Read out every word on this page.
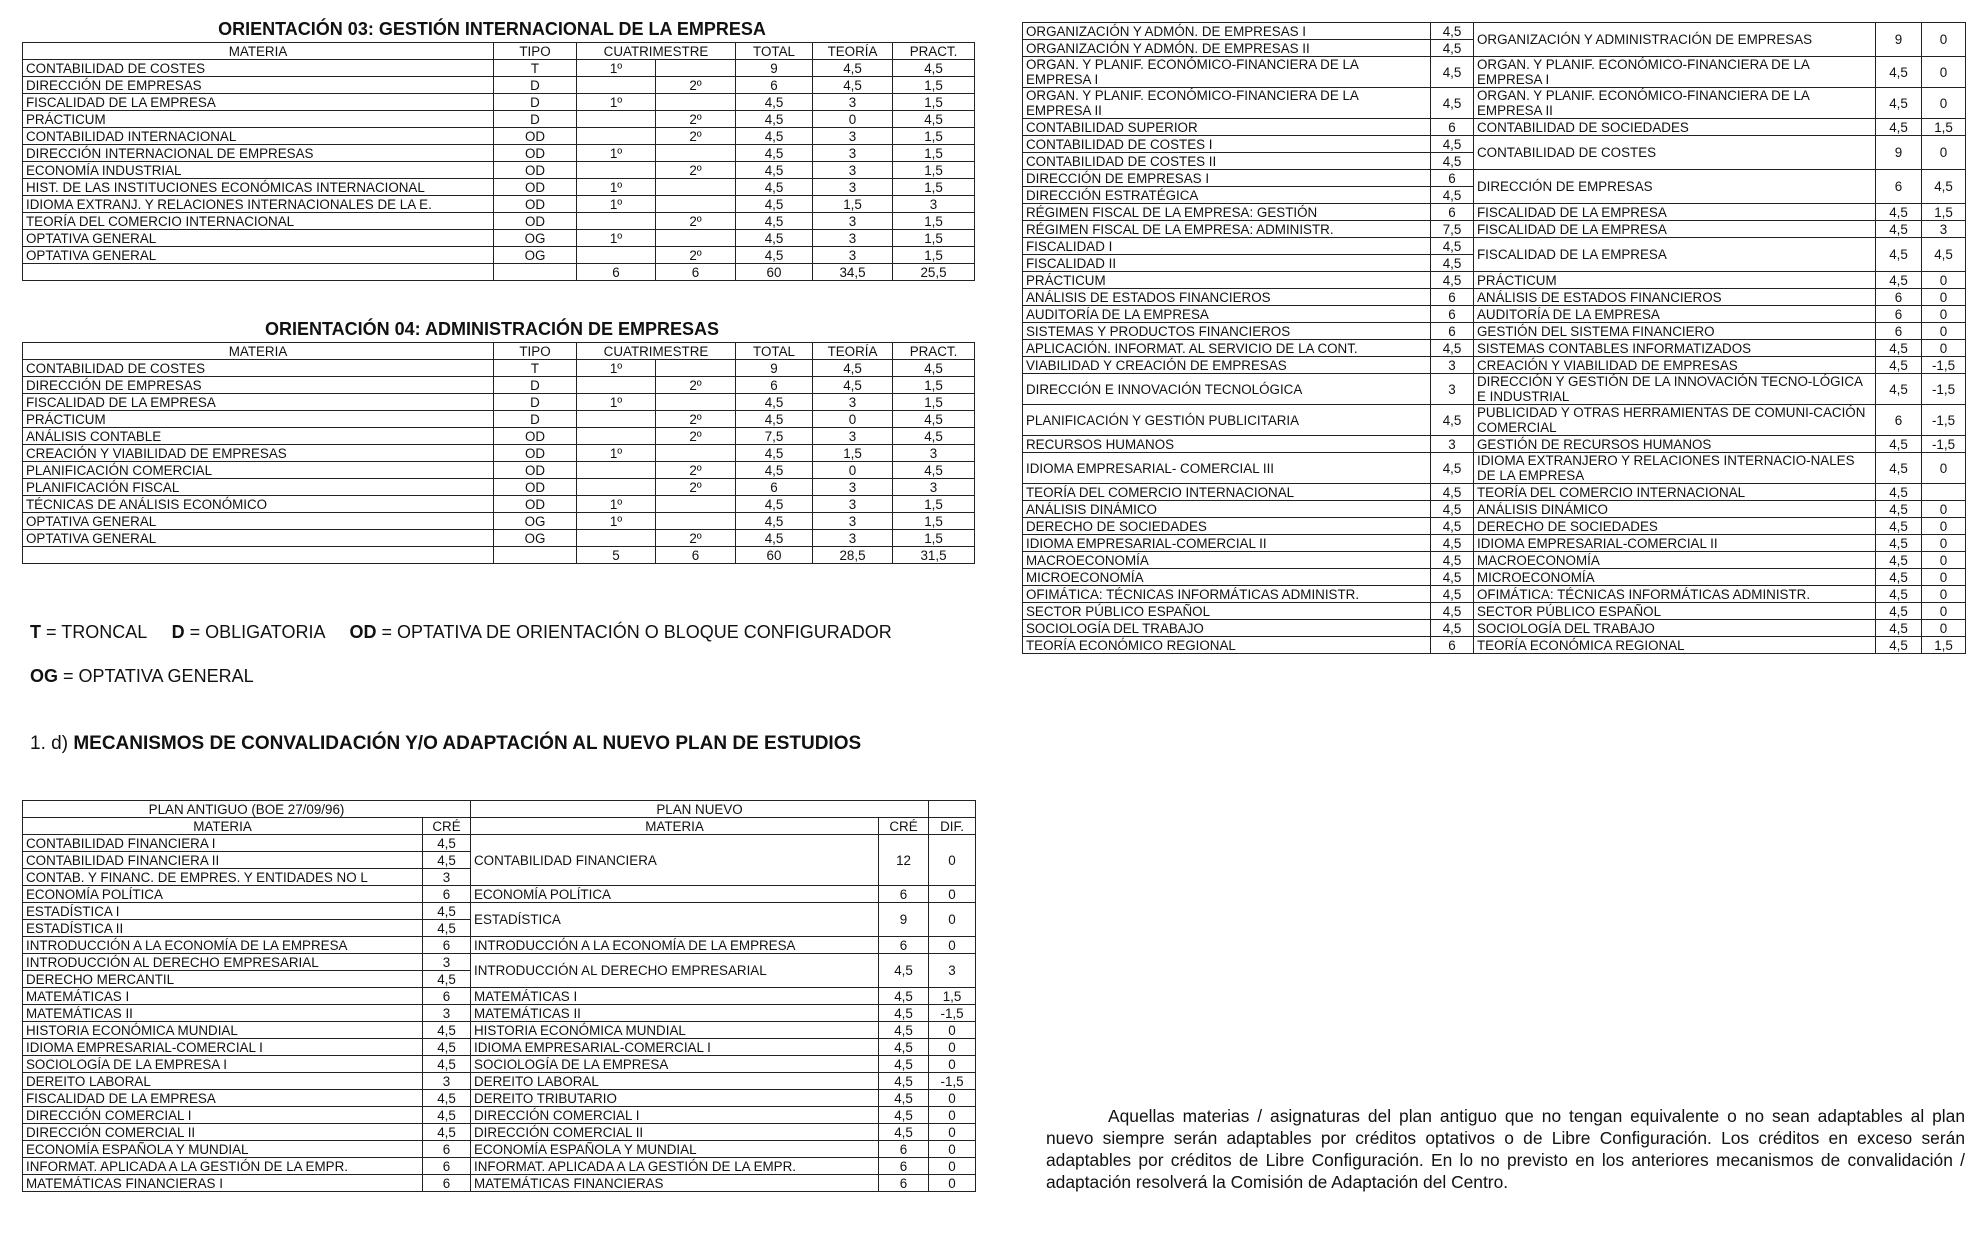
ORIENTACIÓN 03: GESTIÓN INTERNACIONAL DE LA EMPRESA
MATERIA	TIPO	CUATRIMESTRE		TOTAL	TEORÍA	PRACT.
CONTABILIDAD DE COSTES	T	1º		9	4,5	4,5
DIRECCIÓN DE EMPRESAS	D		2º	6	4,5	1,5
FISCALIDAD DE LA EMPRESA	D	1º		4,5	3	1,5
PRÁCTICUM	D		2º	4,5	0	4,5
CONTABILIDAD INTERNACIONAL	OD		2º	4,5	3	1,5
DIRECCIÓN INTERNACIONAL DE EMPRESAS	OD	1º		4,5	3	1,5
ECONOMÍA INDUSTRIAL	OD		2º	4,5	3	1,5
HIST. DE LAS INSTITUCIONES ECONÓMICAS INTERNACIONAL	OD	1º		4,5	3	1,5
IDIOMA EXTRANJ. Y RELACIONES INTERNACIONALES DE LA E.	OD	1º		4,5	1,5	3
TEORÍA DEL COMERCIO INTERNACIONAL	OD		2º	4,5	3	1,5
OPTATIVA GENERAL	OG	1º		4,5	3	1,5
OPTATIVA GENERAL	OG		2º	4,5	3	1,5
		6	6	60	34,5	25,5
ORIENTACIÓN 04: ADMINISTRACIÓN DE EMPRESAS
MATERIA	TIPO	CUATRIMESTRE		TOTAL	TEORÍA	PRACT.
CONTABILIDAD DE COSTES	T	1º		9	4,5	4,5
DIRECCIÓN DE EMPRESAS	D		2º	6	4,5	1,5
FISCALIDAD DE LA EMPRESA	D	1º		4,5	3	1,5
PRÁCTICUM	D		2º	4,5	0	4,5
ANÁLISIS CONTABLE	OD		2º	7,5	3	4,5
CREACIÓN Y VIABILIDAD DE EMPRESAS	OD	1º		4,5	1,5	3
PLANIFICACIÓN COMERCIAL	OD		2º	4,5	0	4,5
PLANIFICACIÓN FISCAL	OD		2º	6	3	3
TÉCNICAS DE ANÁLISIS ECONÓMICO	OD	1º		4,5	3	1,5
OPTATIVA GENERAL	OG	1º		4,5	3	1,5
OPTATIVA GENERAL	OG		2º	4,5	3	1,5
		5	6	60	28,5	31,5
T = TRONCAL D = OBLIGATORIA OD = OPTATIVA DE ORIENTACIÓN O BLOQUE CONFIGURADOR
OG = OPTATIVA GENERAL
1. d) MECANISMOS DE CONVALIDACIÓN Y/O ADAPTACIÓN AL NUEVO PLAN DE ESTUDIOS
PLAN ANTIGUO (BOE 27/09/96)		PLAN NUEVO		
MATERIA	CRÉ	MATERIA	CRÉ	DIF.
CONTABILIDAD FINANCIERA I	4,5	CONTABILIDAD FINANCIERA	12	0
CONTABILIDAD FINANCIERA II	4,5			
CONTAB. Y FINANC. DE EMPRES. Y ENTIDADES NO L	3			
ECONOMÍA POLÍTICA	6	ECONOMÍA POLÍTICA	6	0
ESTADÍSTICA I	4,5	ESTADÍSTICA	9	0
ESTADÍSTICA II	4,5			
INTRODUCCIÓN A LA ECONOMÍA DE LA EMPRESA	6	INTRODUCCIÓN A LA ECONOMÍA DE LA EMPRESA	6	0
INTRODUCCIÓN AL DERECHO EMPRESARIAL	3	INTRODUCCIÓN AL DERECHO EMPRESARIAL	4,5	3
DERECHO MERCANTIL	4,5			
MATEMÁTICAS I	6	MATEMÁTICAS I	4,5	1,5
MATEMÁTICAS II	3	MATEMÁTICAS II	4,5	-1,5
HISTORIA ECONÓMICA MUNDIAL	4,5	HISTORIA ECONÓMICA MUNDIAL	4,5	0
IDIOMA EMPRESARIAL-COMERCIAL I	4,5	IDIOMA EMPRESARIAL-COMERCIAL I	4,5	0
SOCIOLOGÍA DE LA EMPRESA I	4,5	SOCIOLOGÍA DE LA EMPRESA	4,5	0
DEREITO LABORAL	3	DEREITO LABORAL	4,5	-1,5
FISCALIDAD DE LA EMPRESA	4,5	DEREITO TRIBUTARIO	4,5	0
DIRECCIÓN COMERCIAL I	4,5	DIRECCIÓN COMERCIAL I	4,5	0
DIRECCIÓN COMERCIAL II	4,5	DIRECCIÓN COMERCIAL II	4,5	0
ECONOMÍA ESPAÑOLA Y MUNDIAL	6	ECONOMÍA ESPAÑOLA Y MUNDIAL	6	0
INFORMAT. APLICADA A LA GESTIÓN DE LA EMPR.	6	INFORMAT. APLICADA A LA GESTIÓN DE LA EMPR.	6	0
MATEMÁTICAS FINANCIERAS I	6	MATEMÁTICAS FINANCIERAS	6	0
ORGANIZACIÓN Y ADMÓN. DE EMPRESAS I	4,5	ORGANIZACIÓN Y ADMINISTRACIÓN DE EMPRESAS	9	0
ORGANIZACIÓN Y ADMÓN. DE EMPRESAS II	4,5			
ORGAN. Y PLANIF. ECONÓMICO-FINANCIERA DE LA EMPRESA I	4,5	ORGAN. Y PLANIF. ECONÓMICO-FINANCIERA DE LA EMPRESA I	4,5	0
ORGAN. Y PLANIF. ECONÓMICO-FINANCIERA DE LA EMPRESA II	4,5	ORGAN. Y PLANIF. ECONÓMICO-FINANCIERA DE LA EMPRESA II	4,5	0
CONTABILIDAD SUPERIOR	6	CONTABILIDAD DE SOCIEDADES	4,5	1,5
CONTABILIDAD DE COSTES I	4,5	CONTABILIDAD DE COSTES	9	0
CONTABILIDAD DE COSTES II	4,5			
DIRECCIÓN DE EMPRESAS I	6	DIRECCIÓN DE EMPRESAS	6	4,5
DIRECCIÓN ESTRATÉGICA	4,5			
RÉGIMEN FISCAL DE LA EMPRESA: GESTIÓN	6	FISCALIDAD DE LA EMPRESA	4,5	1,5
RÉGIMEN FISCAL DE LA EMPRESA: ADMINISTR.	7,5	FISCALIDAD DE LA EMPRESA	4,5	3
FISCALIDAD I	4,5	FISCALIDAD DE LA EMPRESA	4,5	4,5
FISCALIDAD II	4,5			
PRÁCTICUM	4,5	PRÁCTICUM	4,5	0
ANÁLISIS DE ESTADOS FINANCIEROS	6	ANÁLISIS DE ESTADOS FINANCIEROS	6	0
AUDITORÍA DE LA EMPRESA	6	AUDITORÍA DE LA EMPRESA	6	0
SISTEMAS Y PRODUCTOS FINANCIEROS	6	GESTIÓN DEL SISTEMA FINANCIERO	6	0
APLICACIÓN. INFORMAT. AL SERVICIO DE LA CONT.	4,5	SISTEMAS CONTABLES INFORMATIZADOS	4,5	0
VIABILIDAD Y CREACIÓN DE EMPRESAS	3	CREACIÓN Y VIABILIDAD DE EMPRESAS	4,5	-1,5
DIRECCIÓN E INNOVACIÓN TECNOLÓGICA	3	DIRECCIÓN Y GESTIÓN DE LA INNOVACIÓN TECNO-LÓGICA E INDUSTRIAL	4,5	-1,5
PLANIFICACIÓN Y GESTIÓN PUBLICITARIA	4,5	PUBLICIDAD Y OTRAS HERRAMIENTAS DE COMUNI-CACIÓN COMERCIAL	6	-1,5
RECURSOS HUMANOS	3	GESTIÓN DE RECURSOS HUMANOS	4,5	-1,5
IDIOMA EMPRESARIAL- COMERCIAL III	4,5	IDIOMA EXTRANJERO Y RELACIONES INTERNACIO-NALES DE LA EMPRESA	4,5	0
TEORÍA DEL COMERCIO INTERNACIONAL	4,5	TEORÍA DEL COMERCIO INTERNACIONAL	4,5	
ANÁLISIS DINÁMICO	4,5	ANÁLISIS DINÁMICO	4,5	0
DERECHO DE SOCIEDADES	4,5	DERECHO DE SOCIEDADES	4,5	0
IDIOMA EMPRESARIAL-COMERCIAL II	4,5	IDIOMA EMPRESARIAL-COMERCIAL II	4,5	0
MACROECONOMÍA	4,5	MACROECONOMÍA	4,5	0
MICROECONOMÍA	4,5	MICROECONOMÍA	4,5	0
OFIMÁTICA: TÉCNICAS INFORMÁTICAS ADMINISTR.	4,5	OFIMÁTICA: TÉCNICAS INFORMÁTICAS ADMINISTR.	4,5	0
SECTOR PÚBLICO ESPAÑOL	4,5	SECTOR PÚBLICO ESPAÑOL	4,5	0
SOCIOLOGÍA DEL TRABAJO	4,5	SOCIOLOGÍA DEL TRABAJO	4,5	0
TEORÍA ECONÓMICO REGIONAL	6	TEORÍA ECONÓMICA REGIONAL	4,5	1,5
Aquellas materias / asignaturas del plan antiguo que no tengan equivalente o no sean adaptables al plan nuevo siempre serán adaptables por créditos optativos o de Libre Configuración. Los créditos en exceso serán adaptables por créditos de Libre Configuración. En lo no previsto en los anteriores mecanismos de convalidación / adaptación resolverá la Comisión de Adaptación del Centro.
